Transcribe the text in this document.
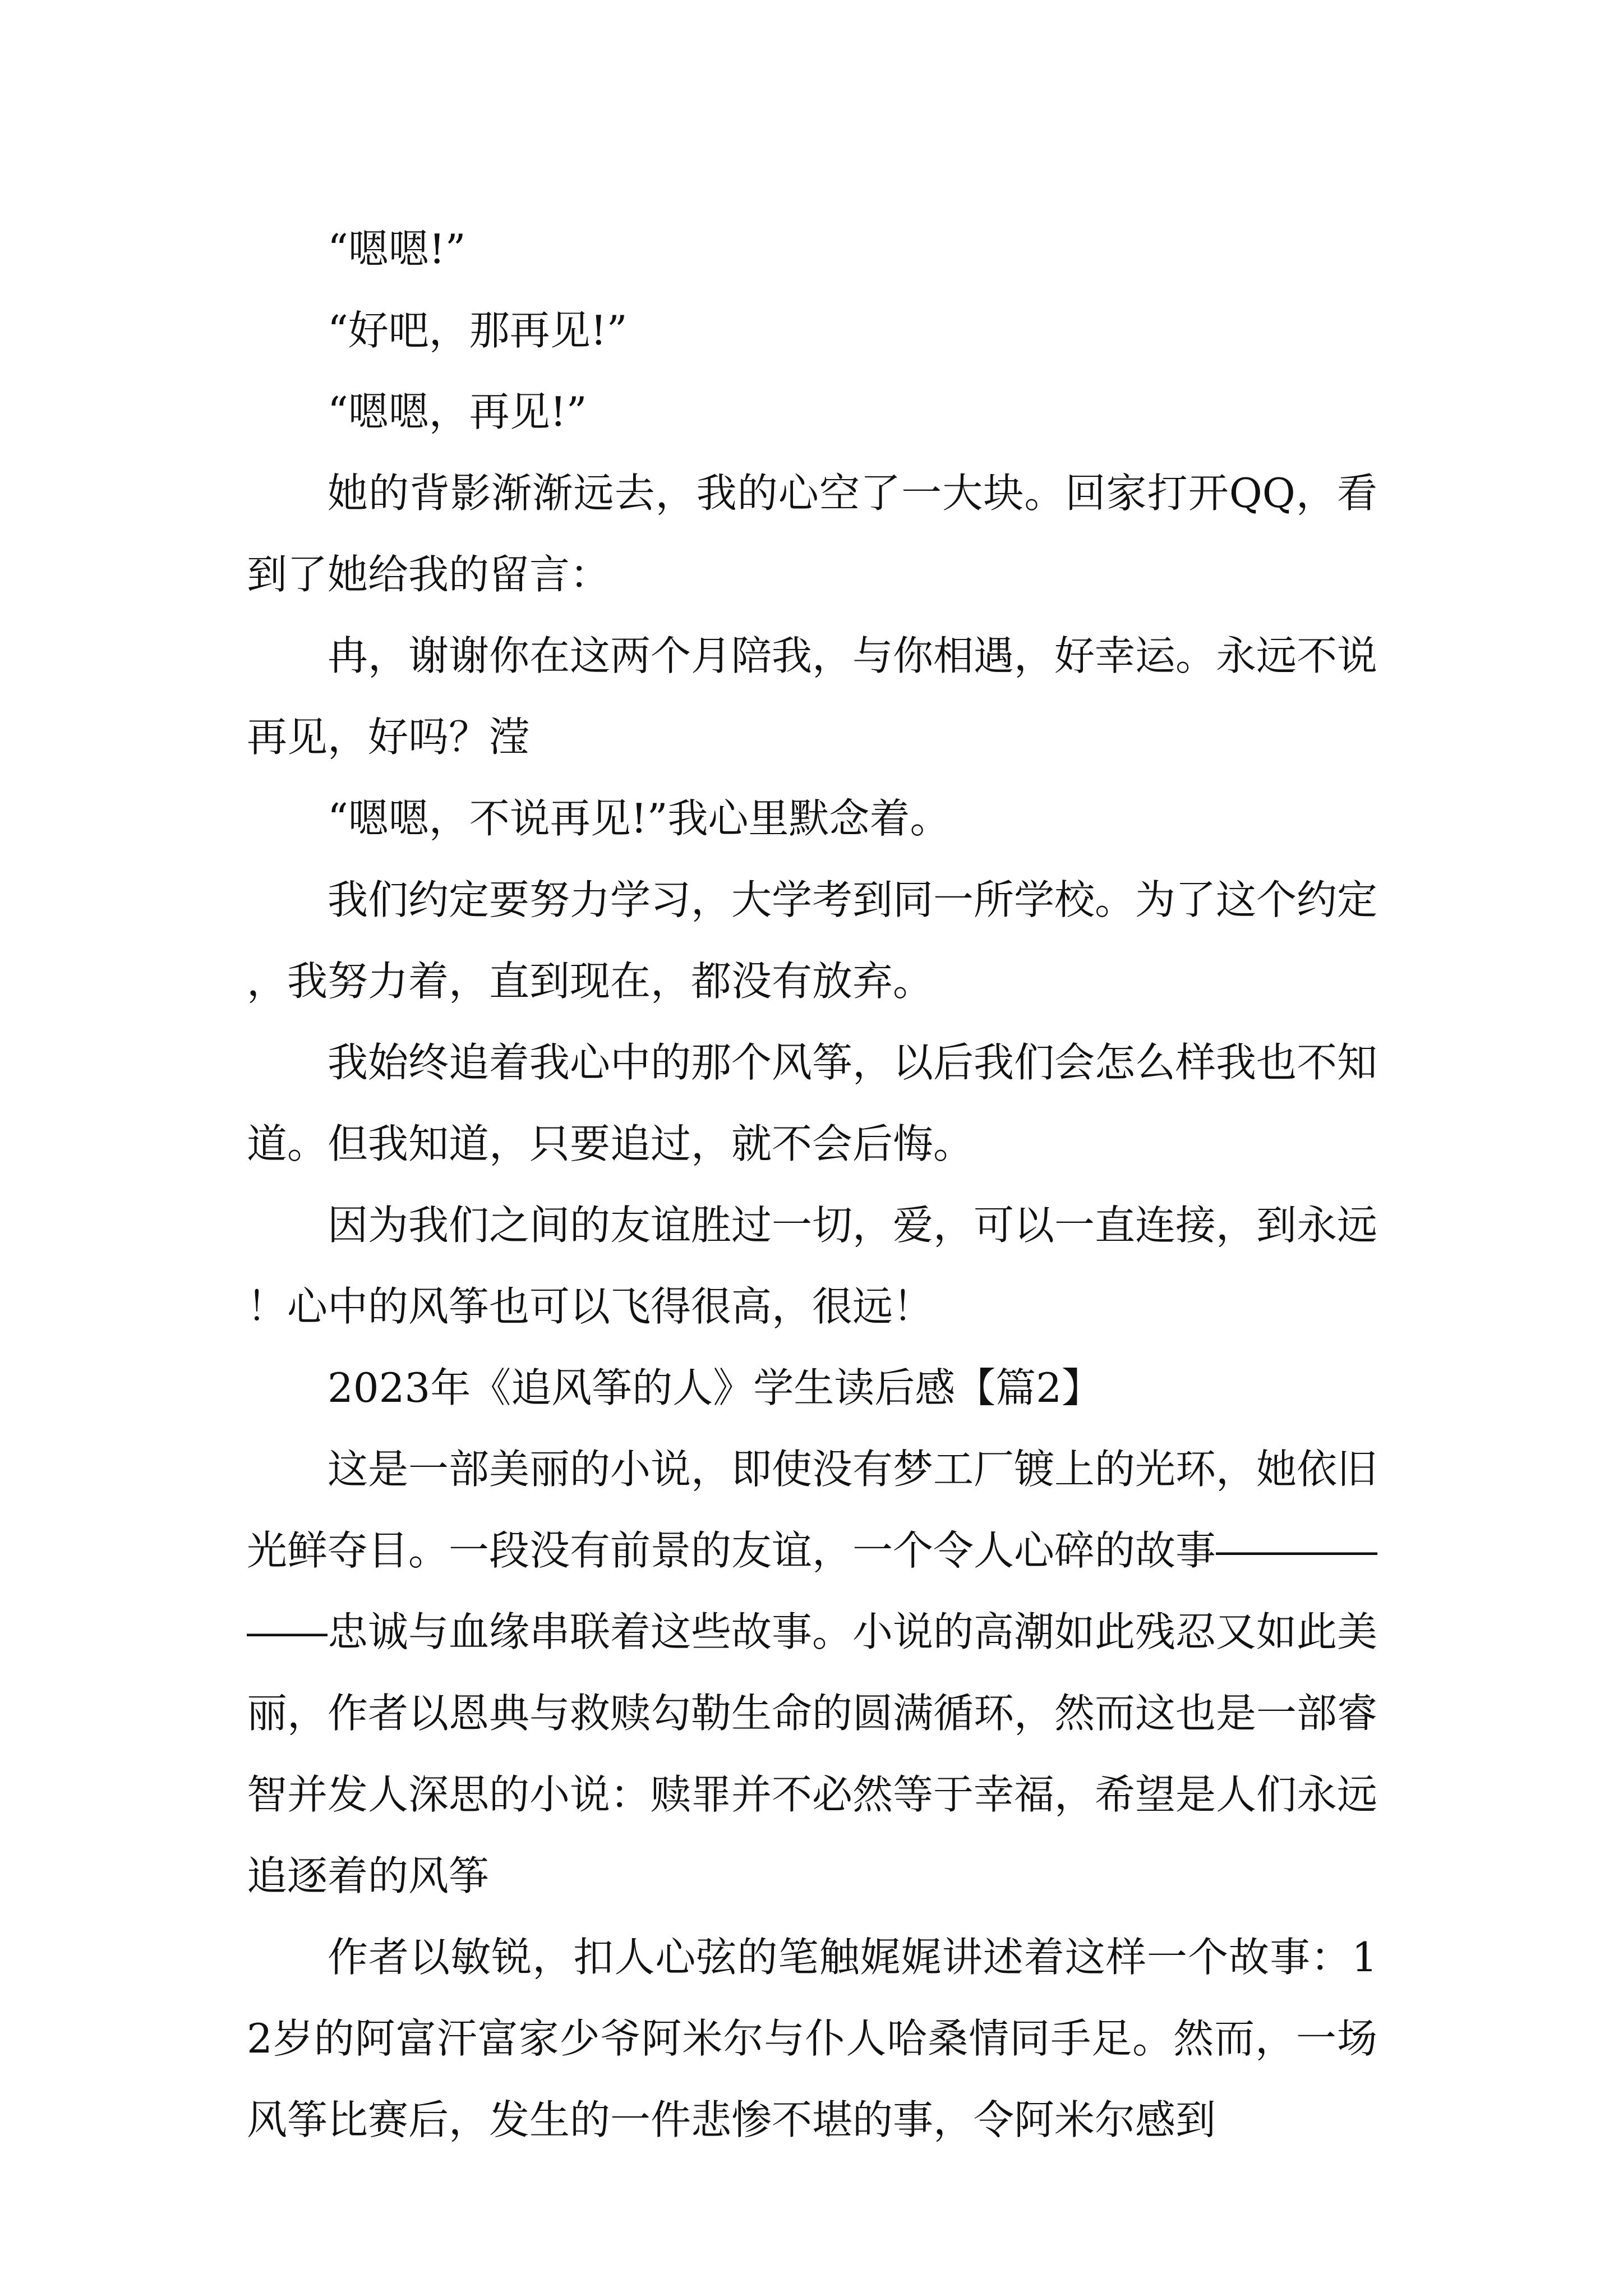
“嗯嗯!”

“好吧，那再见!”

“嗯嗯，再见!”

她的背影渐渐远去，我的心空了一大块。回家打开QQ，看到了她给我的留言：

冉，谢谢你在这两个月陪我，与你相遇，好幸运。永远不说再见，好吗？滢

“嗯嗯，不说再见!”我心里默念着。

我们约定要努力学习，大学考到同一所学校。为了这个约定，我努力着，直到现在，都没有放弃。

我始终追着我心中的那个风筝，以后我们会怎么样我也不知道。但我知道，只要追过，就不会后悔。

因为我们之间的友谊胜过一切，爱，可以一直连接，到永远！心中的风筝也可以飞得很高，很远！

2023年《追风筝的人》学生读后感【篇2】

这是一部美丽的小说，即使没有梦工厂镀上的光环，她依旧光鲜夺目。一段没有前景的友谊，一个令人心碎的故事――――――忠诚与血缘串联着这些故事。小说的高潮如此残忍又如此美丽，作者以恩典与救赎勾勒生命的圆满循环，然而这也是一部睿智并发人深思的小说：赎罪并不必然等于幸福，希望是人们永远追逐着的风筝

作者以敏锐，扣人心弦的笔触娓娓讲述着这样一个故事：12岁的阿富汗富家少爷阿米尔与仆人哈桑情同手足。然而，一场风筝比赛后，发生的一件悲惨不堪的事，令阿米尔感到
